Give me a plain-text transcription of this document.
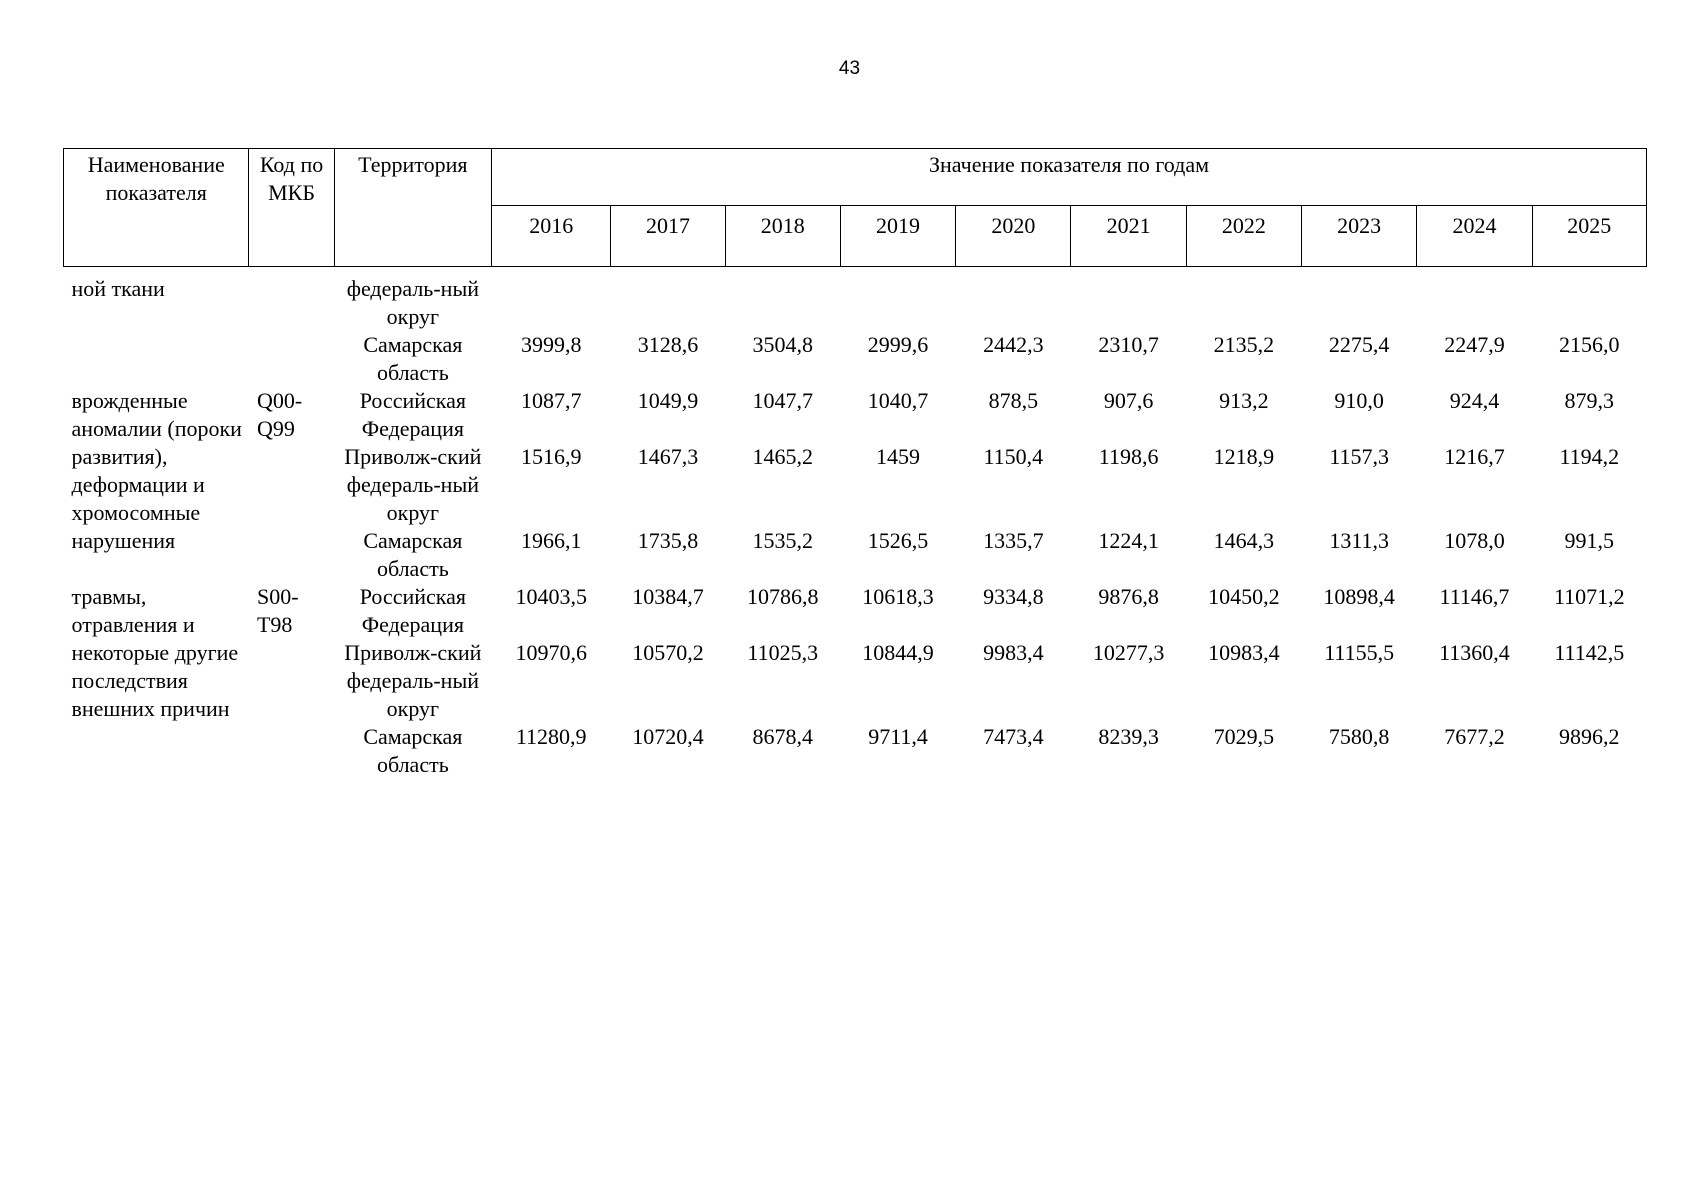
43
Наименование показателя	Код по МКБ	Территория	Значение показателя по годам									
			2016	2017	2018	2019	2020	2021	2022	2023	2024	2025
ной ткани		федераль-ный округ										
		Самарская область	3999,8	3128,6	3504,8	2999,6	2442,3	2310,7	2135,2	2275,4	2247,9	2156,0
врожденные аномалии (пороки развития), деформации и хромосомные нарушения	Q00-Q99	Российская Федерация	1087,7	1049,9	1047,7	1040,7	878,5	907,6	913,2	910,0	924,4	879,3
		Приволж-ский федераль-ный округ	1516,9	1467,3	1465,2	1459	1150,4	1198,6	1218,9	1157,3	1216,7	1194,2
		Самарская область	1966,1	1735,8	1535,2	1526,5	1335,7	1224,1	1464,3	1311,3	1078,0	991,5
травмы, отравления и некоторые другие последствия внешних причин	S00-T98	Российская Федерация	10403,5	10384,7	10786,8	10618,3	9334,8	9876,8	10450,2	10898,4	11146,7	11071,2
		Приволж-ский федераль-ный округ	10970,6	10570,2	11025,3	10844,9	9983,4	10277,3	10983,4	11155,5	11360,4	11142,5
		Самарская область	11280,9	10720,4	8678,4	9711,4	7473,4	8239,3	7029,5	7580,8	7677,2	9896,2
